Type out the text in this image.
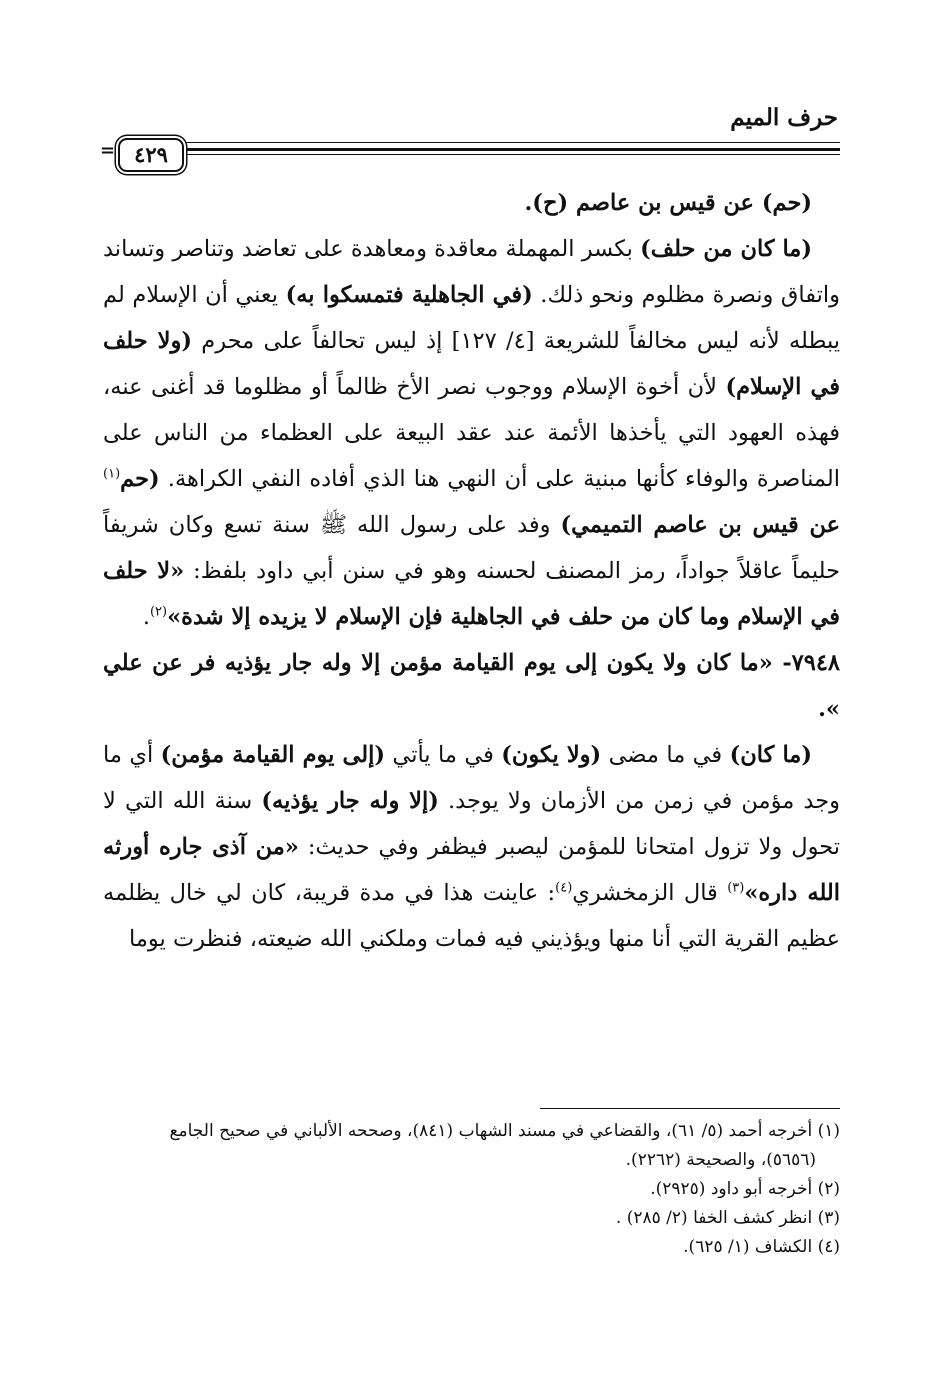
حرف الميم
= ٤٢٩

(حم) عن قيس بن عاصم (ح).

(ما كان من حلف) بكسر المهملة معاقدة ومعاهدة على تعاضد وتناصر وتساند واتفاق ونصرة مظلوم ونحو ذلك. (في الجاهلية فتمسكوا به) يعني أن الإسلام لم يبطله لأنه ليس مخالفاً للشريعة [٤/ ١٢٧] إذ ليس تحالفاً على محرم (ولا حلف في الإسلام) لأن أخوة الإسلام ووجوب نصر الأخ ظالماً أو مظلوما قد أغنى عنه، فهذه العهود التي يأخذها الأئمة عند عقد البيعة على العظماء من الناس على المناصرة والوفاء كأنها مبنية على أن النهي هنا الذي أفاده النفي الكراهة. (حم$^{(١)}$ عن قيس بن عاصم التميمي) وفد على رسول الله ﷺ سنة تسع وكان شريفاً حليماً عاقلاً جواداً، رمز المصنف لحسنه وهو في سنن أبي داود بلفظ: «لا حلف في الإسلام وما كان من حلف في الجاهلية فإن الإسلام لا يزيده إلا شدة»$^{(٢)}$.

٧٩٤٨- «ما كان ولا يكون إلى يوم القيامة مؤمن إلا وله جار يؤذيه فر عن علي ».

(ما كان) في ما مضى (ولا يكون) في ما يأتي (إلى يوم القيامة مؤمن) أي ما وجد مؤمن في زمن من الأزمان ولا يوجد. (إلا وله جار يؤذيه) سنة الله التي لا تحول ولا تزول امتحانا للمؤمن ليصبر فيظفر وفي حديث: «من آذى جاره أورثه الله داره»$^{(٣)}$ قال الزمخشري$^{(٤)}$: عاينت هذا في مدة قريبة، كان لي خال يظلمه عظيم القرية التي أنا منها ويؤذيني فيه فمات وملكني الله ضيعته، فنظرت يوما

(١) أخرجه أحمد (٥/ ٦١)، والقضاعي في مسند الشهاب (٨٤١)، وصححه الألباني في صحيح الجامع

(٥٦٥٦)، والصحيحة (٢٢٦٢).

(٢) أخرجه أبو داود (٢٩٢٥).

(٣) انظر كشف الخفا (٢/ ٢٨٥) .

(٤) الكشاف (١/ ٦٢٥).
